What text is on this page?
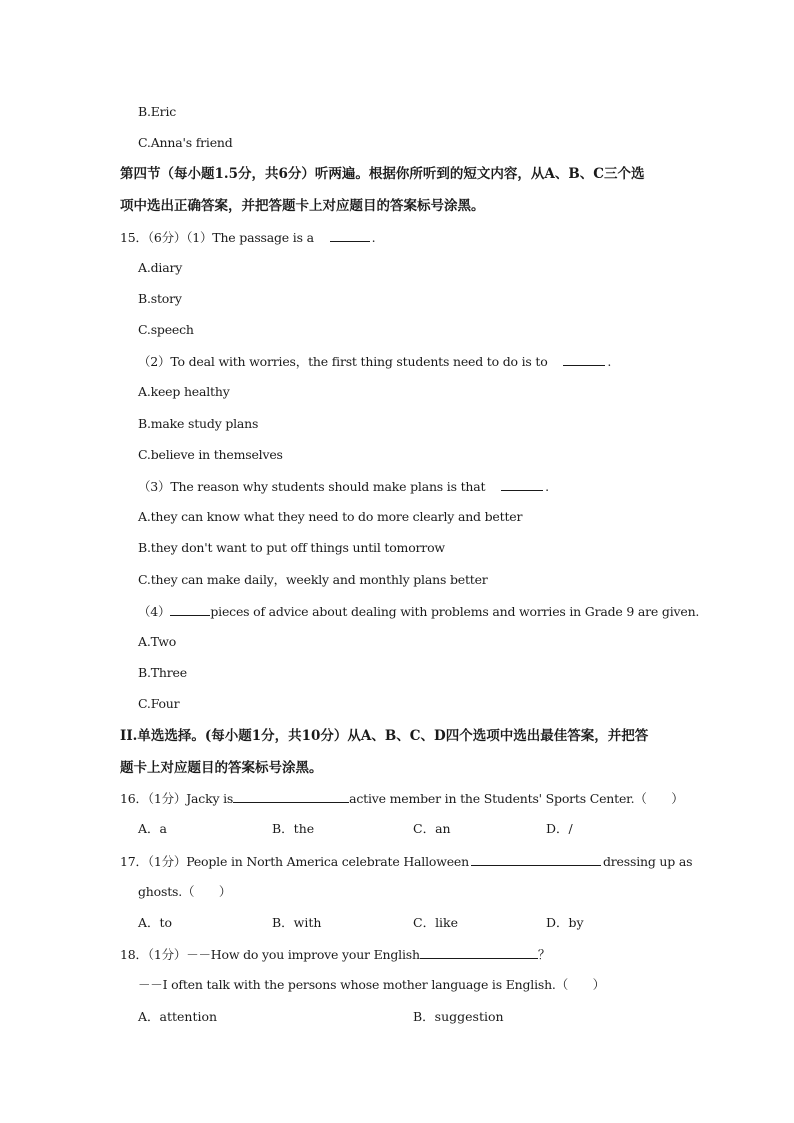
B.Eric
C.Anna's friend
第四节（每小题1.5分，共6分）听两遍。根据你所听到的短文内容，从A、B、C三个选
项中选出正确答案，并把答题卡上对应题目的答案标号涂黑。
15．（6分）（1）The passage is a	.
A.diary
B.story
C.speech
（2）To deal with worries，the first thing students need to do is to	.
A.keep healthy
B.make study plans
C.believe in themselves
（3）The reason why students should make plans is that	.
A.they can know what they need to do more clearly and better
B.they don't want to put off things until tomorrow
C.they can make daily，weekly and monthly plans better
（4）	pieces of advice about dealing with problems and worries in Grade 9 are given.
A.Two
B.Three
C.Four
II.单选选择。(每小题1分，共10分）从A、B、C、D四个选项中选出最佳答案，并把答
题卡上对应题目的答案标号涂黑。
16．（1分）Jacky is	active member in the Students' Sports Center.（　　）
A．a	B．the	C．an	D．/
17．（1分）People in North America celebrate Halloween	dressing up as
ghosts.（　　）
A．to	B．with	C．like	D．by
18．（1分）－－How do you improve your English	？
－－I often talk with the persons whose mother language is English.（　　）
A．attention	B．suggestion
